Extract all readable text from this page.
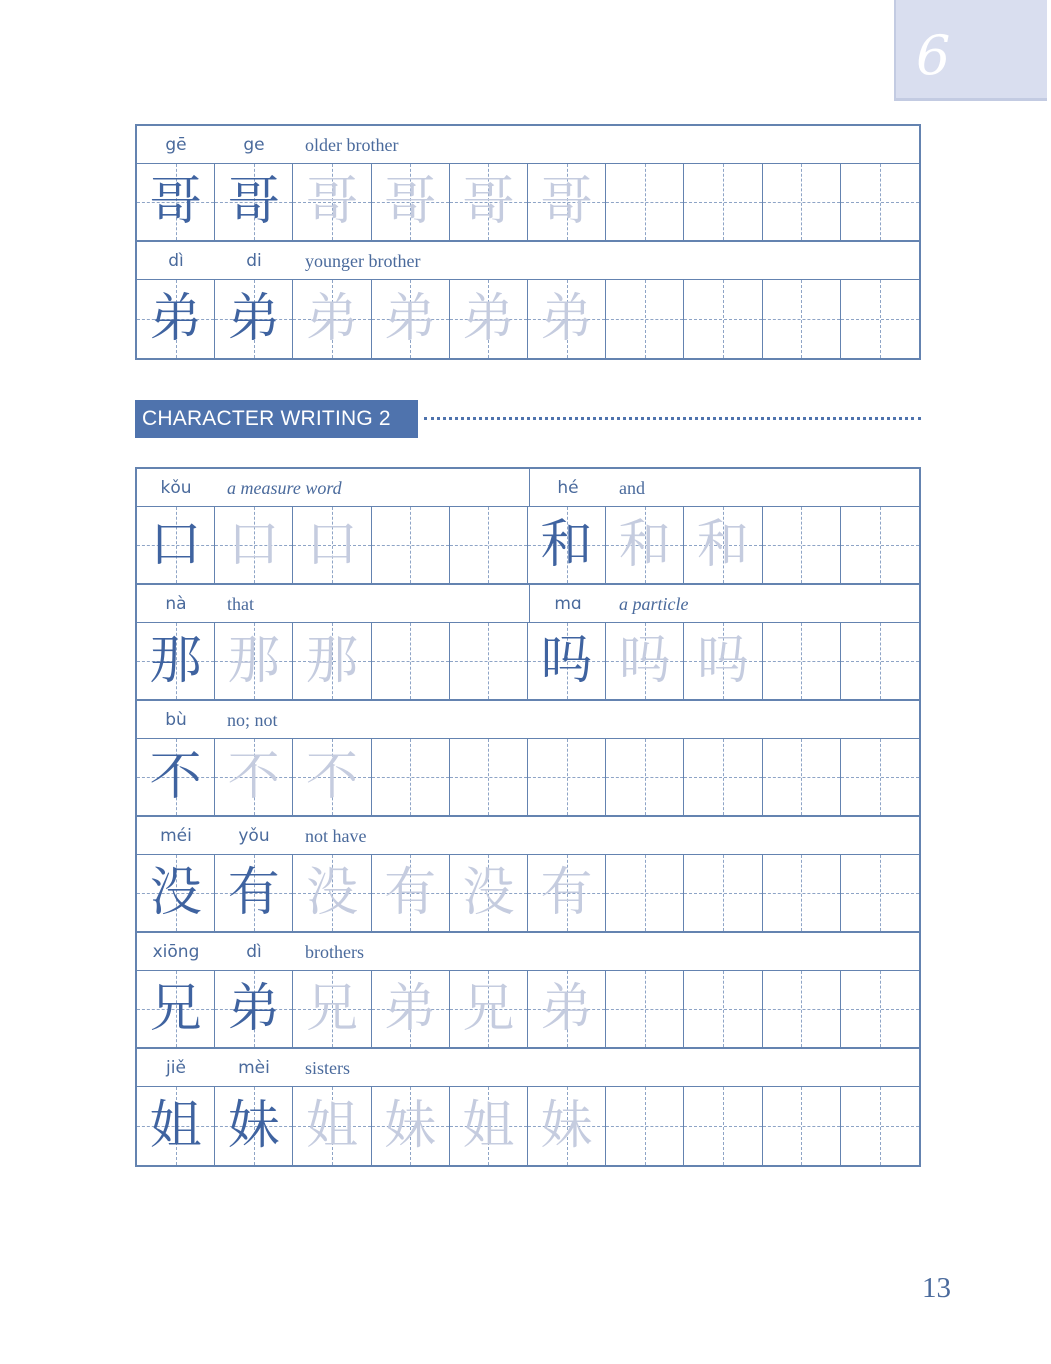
6
gē	ge older brother
哥 哥 哥 哥 哥 哥
dì	di younger brother
弟 弟 弟 弟 弟 弟
CHARACTER WRITING 2
kǒu a measure word	hé and
口 口 口	和 和 和
nà that	mɑ a particle
那 那 那	吗 吗 吗
bù no; not
不 不 不
méi	yǒu not have
没 有 没 有 没 有
xiōng	dì brothers
兄 弟 兄 弟 兄 弟
jiě	mèi sisters
姐 妹 姐 妹 姐 妹
13
